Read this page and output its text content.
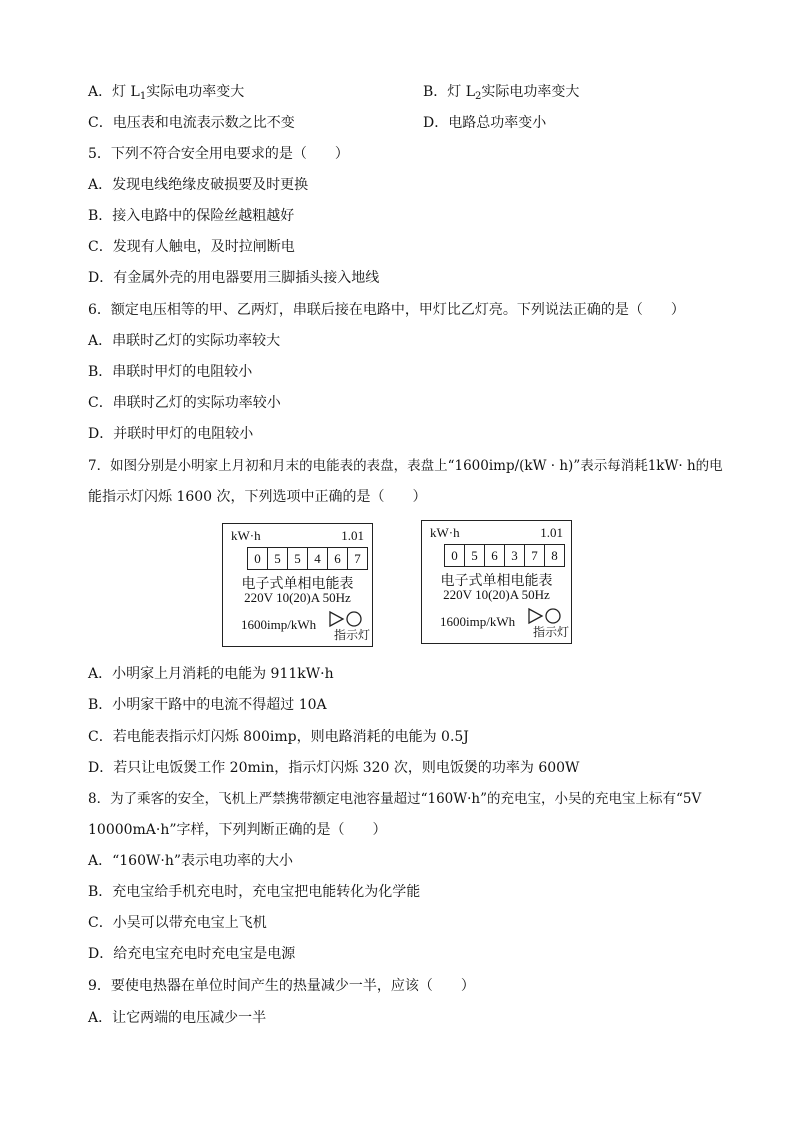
A．灯 $L_1$实际电功率变大	B．灯 $L_2$实际电功率变大
C．电压表和电流表示数之比不变	D．电路总功率变小
5．下列不符合安全用电要求的是（　　）
A．发现电线绝缘皮破损要及时更换
B．接入电路中的保险丝越粗越好
C．发现有人触电，及时拉闸断电
D．有金属外壳的用电器要用三脚插头接入地线
6．额定电压相等的甲、乙两灯，串联后接在电路中，甲灯比乙灯亮。下列说法正确的是（　　）
A．串联时乙灯的实际功率较大
B．串联时甲灯的电阻较小
C．串联时乙灯的实际功率较小
D．并联时甲灯的电阻较小
7．如图分别是小明家上月初和月末的电能表的表盘，表盘上“1600imp/(kW · h)”表示每消耗1kW· h的电
能指示灯闪烁 1600 次，下列选项中正确的是（　　）
kW·h	1.01
0	5	5	4	6	7
电子式单相电能表
220V 10(20)A 50Hz
1600imp/kWh
指示灯
kW·h	1.01
0	5	6	3	7	8
电子式单相电能表
220V 10(20)A 50Hz
1600imp/kWh
指示灯
A．小明家上月消耗的电能为 911kW·h
B．小明家干路中的电流不得超过 10A
C．若电能表指示灯闪烁 800imp，则电路消耗的电能为 0.5J
D．若只让电饭煲工作 20min，指示灯闪烁 320 次，则电饭煲的功率为 600W
8．为了乘客的安全，飞机上严禁携带额定电池容量超过“160W·h”的充电宝，小吴的充电宝上标有“5V
10000mA·h”字样，下列判断正确的是（　　）
A．“160W·h”表示电功率的大小
B．充电宝给手机充电时，充电宝把电能转化为化学能
C．小吴可以带充电宝上飞机
D．给充电宝充电时充电宝是电源
9．要使电热器在单位时间产生的热量减少一半，应该（　　）
A．让它两端的电压减少一半
